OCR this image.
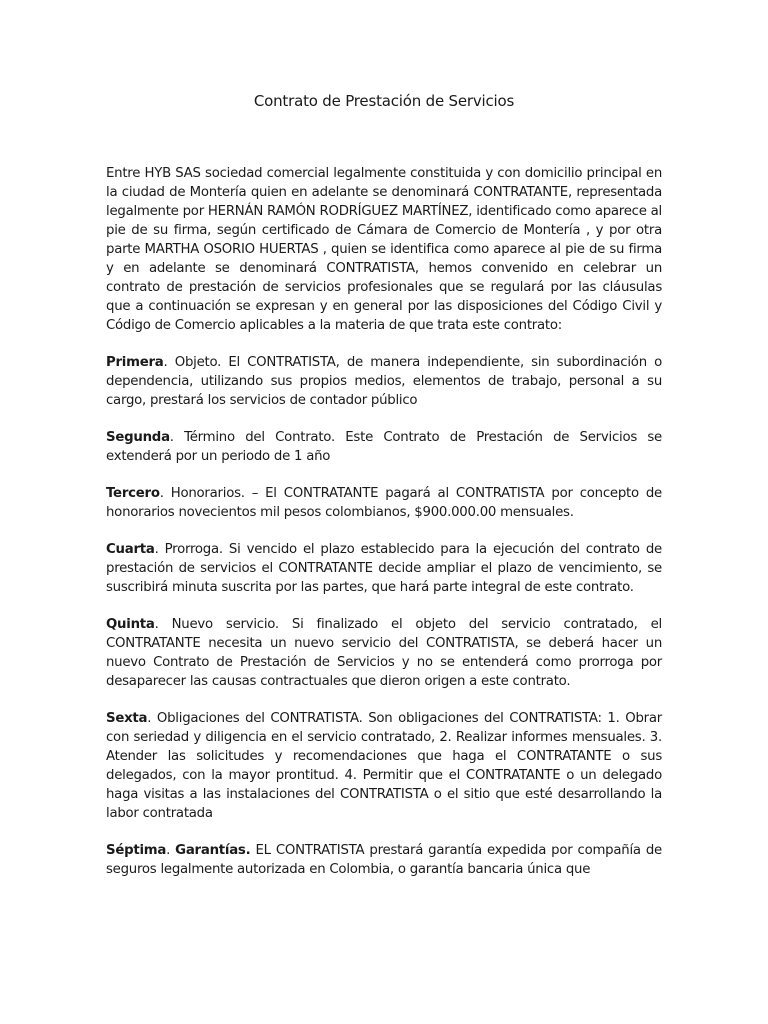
Contrato de Prestación de Servicios

Entre HYB SAS sociedad comercial legalmente constituida y con domicilio principal en la ciudad de Montería quien en adelante se denominará CONTRATANTE, representada legalmente por HERNÁN RAMÓN RODRÍGUEZ MARTÍNEZ, identificado como aparece al pie de su firma, según certificado de Cámara de Comercio de Montería , y por otra parte MARTHA OSORIO HUERTAS , quien se identifica como aparece al pie de su firma y en adelante se denominará CONTRATISTA, hemos convenido en celebrar un contrato de prestación de servicios profesionales que se regulará por las cláusulas que a continuación se expresan y en general por las disposiciones del Código Civil y Código de Comercio aplicables a la materia de que trata este contrato:

Primera. Objeto. El CONTRATISTA, de manera independiente, sin subordinación o dependencia, utilizando sus propios medios, elementos de trabajo, personal a su cargo, prestará los servicios de contador público

Segunda. Término del Contrato. Este Contrato de Prestación de Servicios se extenderá por un periodo de 1 año

Tercero. Honorarios. – El CONTRATANTE pagará al CONTRATISTA por concepto de honorarios novecientos mil pesos colombianos, $900.000.00 mensuales.

Cuarta. Prorroga. Si vencido el plazo establecido para la ejecución del contrato de prestación de servicios el CONTRATANTE decide ampliar el plazo de vencimiento, se suscribirá minuta suscrita por las partes, que hará parte integral de este contrato.

Quinta. Nuevo servicio. Si finalizado el objeto del servicio contratado, el CONTRATANTE necesita un nuevo servicio del CONTRATISTA, se deberá hacer un nuevo Contrato de Prestación de Servicios y no se entenderá como prorroga por desaparecer las causas contractuales que dieron origen a este contrato.

Sexta. Obligaciones del CONTRATISTA. Son obligaciones del CONTRATISTA: 1. Obrar con seriedad y diligencia en el servicio contratado, 2. Realizar informes mensuales. 3. Atender las solicitudes y recomendaciones que haga el CONTRATANTE o sus delegados, con la mayor prontitud. 4. Permitir que el CONTRATANTE o un delegado haga visitas a las instalaciones del CONTRATISTA o el sitio que esté desarrollando la labor contratada

Séptima. Garantías. EL CONTRATISTA prestará garantía expedida por compañía de seguros legalmente autorizada en Colombia, o garantía bancaria única que
